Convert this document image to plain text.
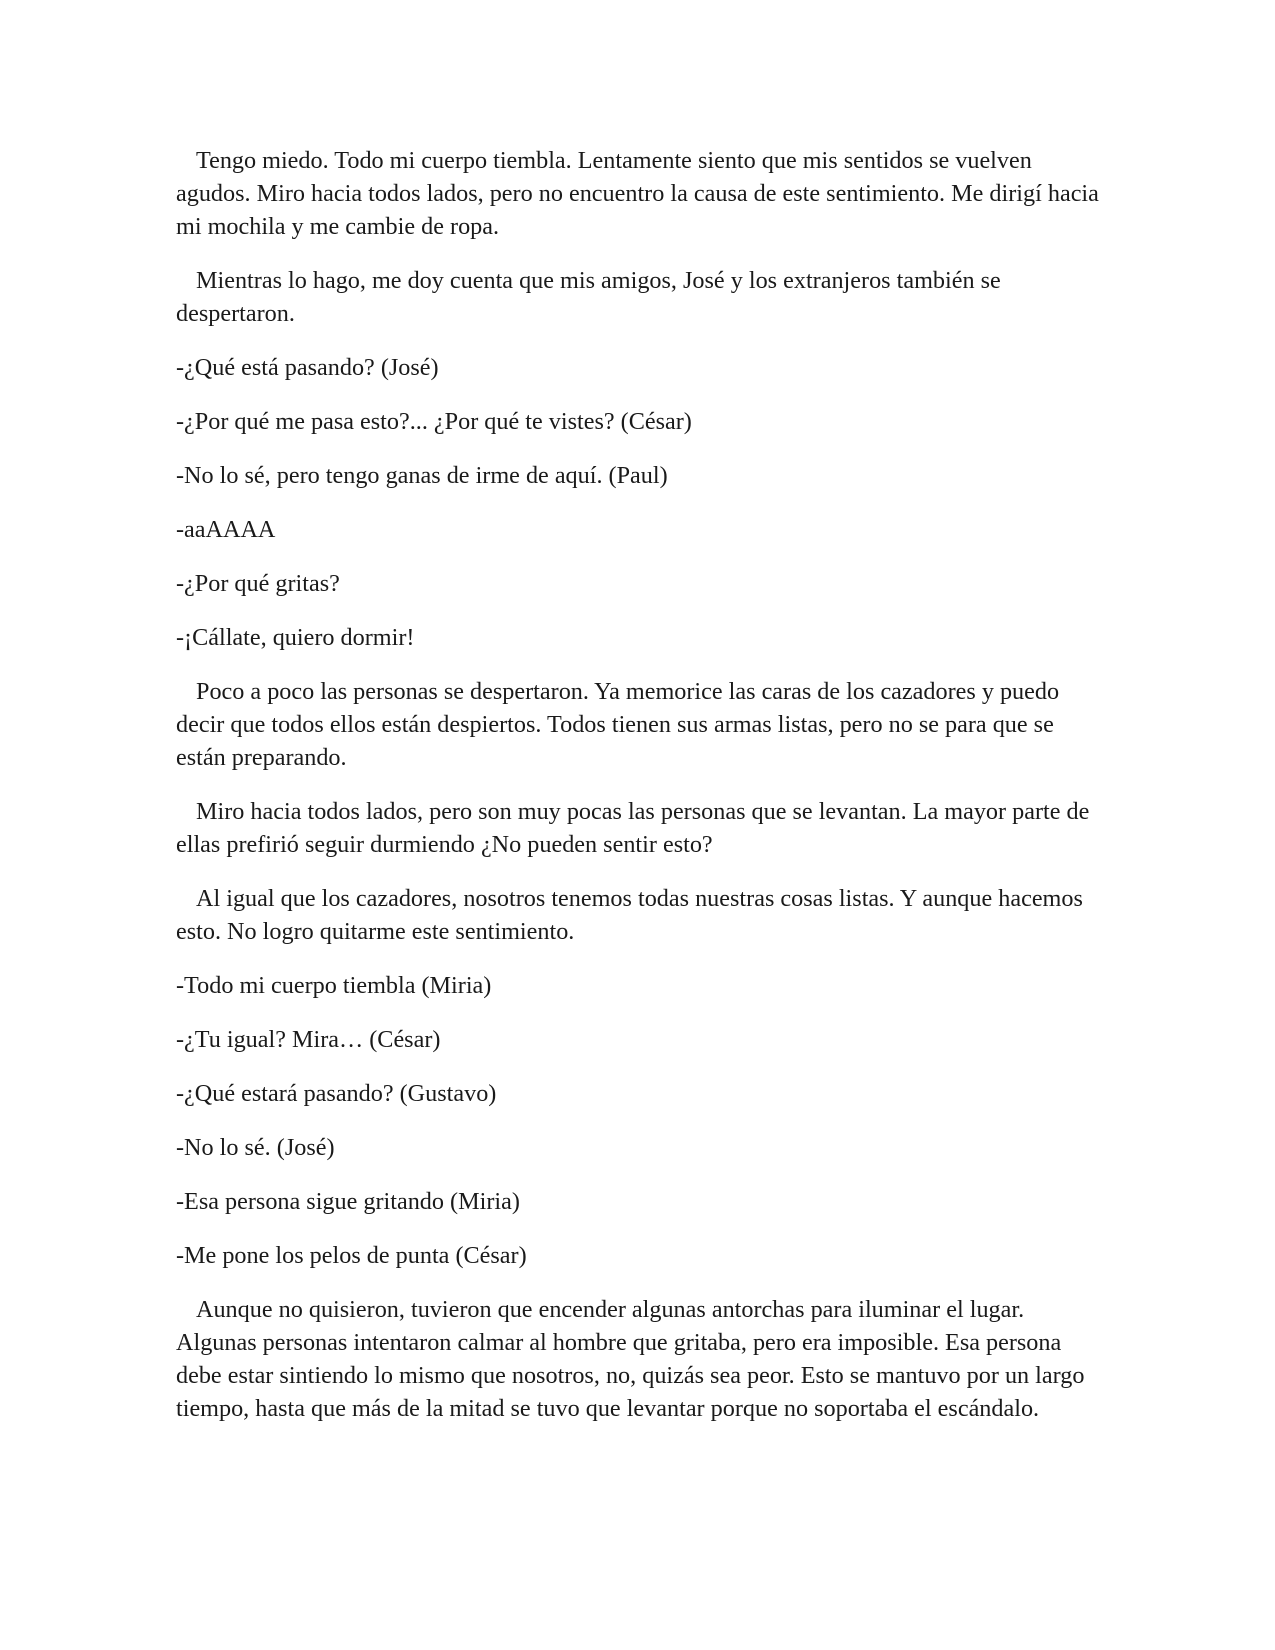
Tengo miedo. Todo mi cuerpo tiembla. Lentamente siento que mis sentidos se vuelven agudos. Miro hacia todos lados, pero no encuentro la causa de este sentimiento. Me dirigí hacia mi mochila y me cambie de ropa.

Mientras lo hago, me doy cuenta que mis amigos, José y los extranjeros también se despertaron.

-¿Qué está pasando? (José)

-¿Por qué me pasa esto?... ¿Por qué te vistes? (César)

-No lo sé, pero tengo ganas de irme de aquí. (Paul)

-aaAAAA

-¿Por qué gritas?

-¡Cállate, quiero dormir!

Poco a poco las personas se despertaron. Ya memorice las caras de los cazadores y puedo decir que todos ellos están despiertos. Todos tienen sus armas listas, pero no se para que se están preparando.

Miro hacia todos lados, pero son muy pocas las personas que se levantan. La mayor parte de ellas prefirió seguir durmiendo ¿No pueden sentir esto?

Al igual que los cazadores, nosotros tenemos todas nuestras cosas listas. Y aunque hacemos esto. No logro quitarme este sentimiento.

-Todo mi cuerpo tiembla (Miria)

-¿Tu igual? Mira… (César)

-¿Qué estará pasando? (Gustavo)

-No lo sé. (José)

-Esa persona sigue gritando (Miria)

-Me pone los pelos de punta (César)

Aunque no quisieron, tuvieron que encender algunas antorchas para iluminar el lugar. Algunas personas intentaron calmar al hombre que gritaba, pero era imposible. Esa persona debe estar sintiendo lo mismo que nosotros, no, quizás sea peor. Esto se mantuvo por un largo tiempo, hasta que más de la mitad se tuvo que levantar porque no soportaba el escándalo.
